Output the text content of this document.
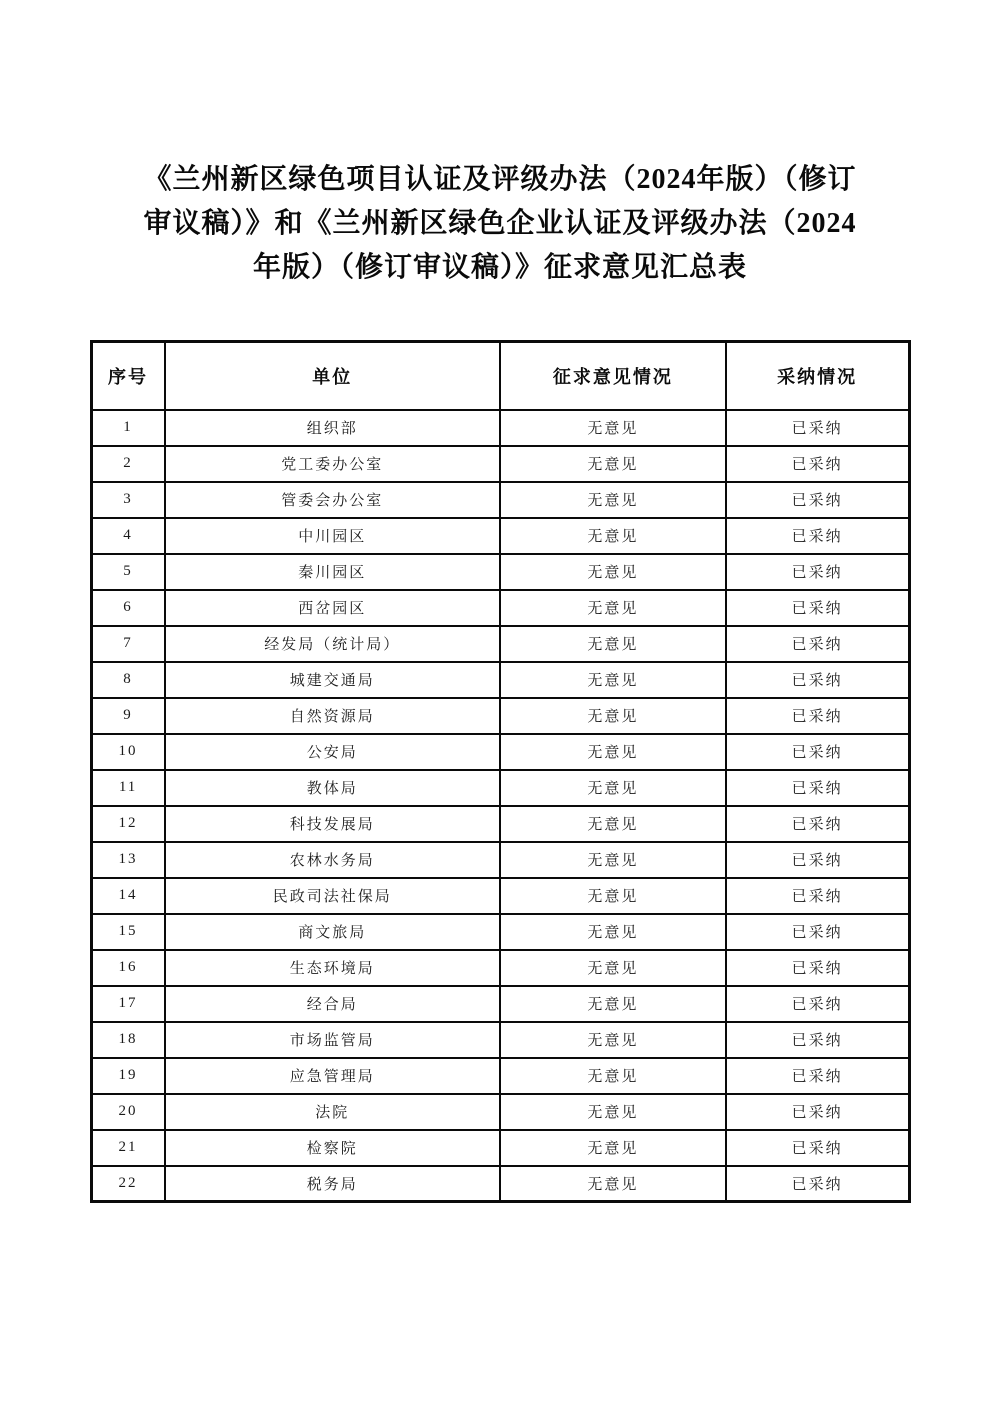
《兰州新区绿色项目认证及评级办法（2024年版）（修订
审议稿）》和《兰州新区绿色企业认证及评级办法（2024
年版）（修订审议稿）》征求意见汇总表
序号	单位	征求意见情况	采纳情况
1	组织部	无意见	已采纳
2	党工委办公室	无意见	已采纳
3	管委会办公室	无意见	已采纳
4	中川园区	无意见	已采纳
5	秦川园区	无意见	已采纳
6	西岔园区	无意见	已采纳
7	经发局（统计局）	无意见	已采纳
8	城建交通局	无意见	已采纳
9	自然资源局	无意见	已采纳
10	公安局	无意见	已采纳
11	教体局	无意见	已采纳
12	科技发展局	无意见	已采纳
13	农林水务局	无意见	已采纳
14	民政司法社保局	无意见	已采纳
15	商文旅局	无意见	已采纳
16	生态环境局	无意见	已采纳
17	经合局	无意见	已采纳
18	市场监管局	无意见	已采纳
19	应急管理局	无意见	已采纳
20	法院	无意见	已采纳
21	检察院	无意见	已采纳
22	税务局	无意见	已采纳
